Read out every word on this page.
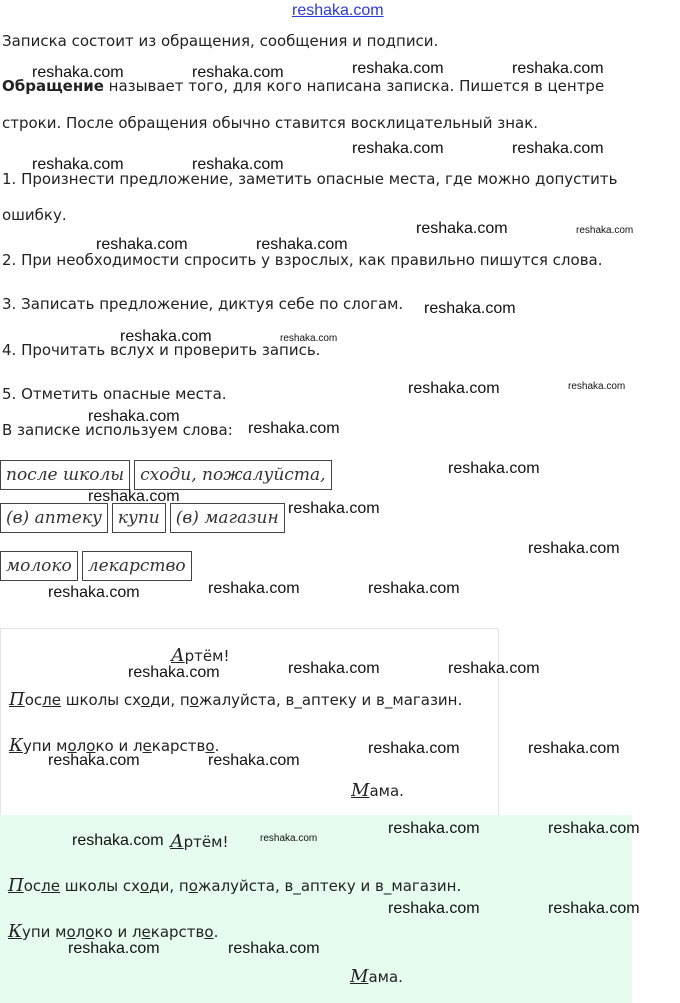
reshaka.com

Записка состоит из обращения, сообщения и подписи.

Обращение называет того, для кого написана записка. Пишется в центре

строки. После обращения обычно ставится восклицательный знак.

1. Произнести предложение, заметить опасные места, где можно допустить

ошибку.

2. При необходимости спросить у взрослых, как правильно пишутся слова.

3. Записать предложение, диктуя себе по слогам.

4. Прочитать вслух и проверить запись.

5. Отметить опасные места.

В записке используем слова:

после школы сходи, пожалуйста,
(в) аптеку купи (в) магазин
молоко лекарство

Артём!

После школы сходи, пожалуйста, в_аптеку и в_магазин.

Купи молоко и лекарство.

Мама.

Артём!

После школы сходи, пожалуйста, в_аптеку и в_магазин.

Купи молоко и лекарство.

Мама.

reshaka.com	reshaka.com	reshaka.com	reshaka.com
reshaka.com	reshaka.com
reshaka.com	reshaka.com
reshaka.com	reshaka.com
reshaka.com	reshaka.com
reshaka.com
reshaka.com	reshaka.com
reshaka.com	reshaka.com
reshaka.com
reshaka.com
reshaka.com
reshaka.com
reshaka.com
reshaka.com
reshaka.com	reshaka.com	reshaka.com
reshaka.com	reshaka.com	reshaka.com
reshaka.com	reshaka.com
reshaka.com	reshaka.com
reshaka.com	reshaka.com
reshaka.com	reshaka.com
reshaka.com	reshaka.com
reshaka.com	reshaka.com
